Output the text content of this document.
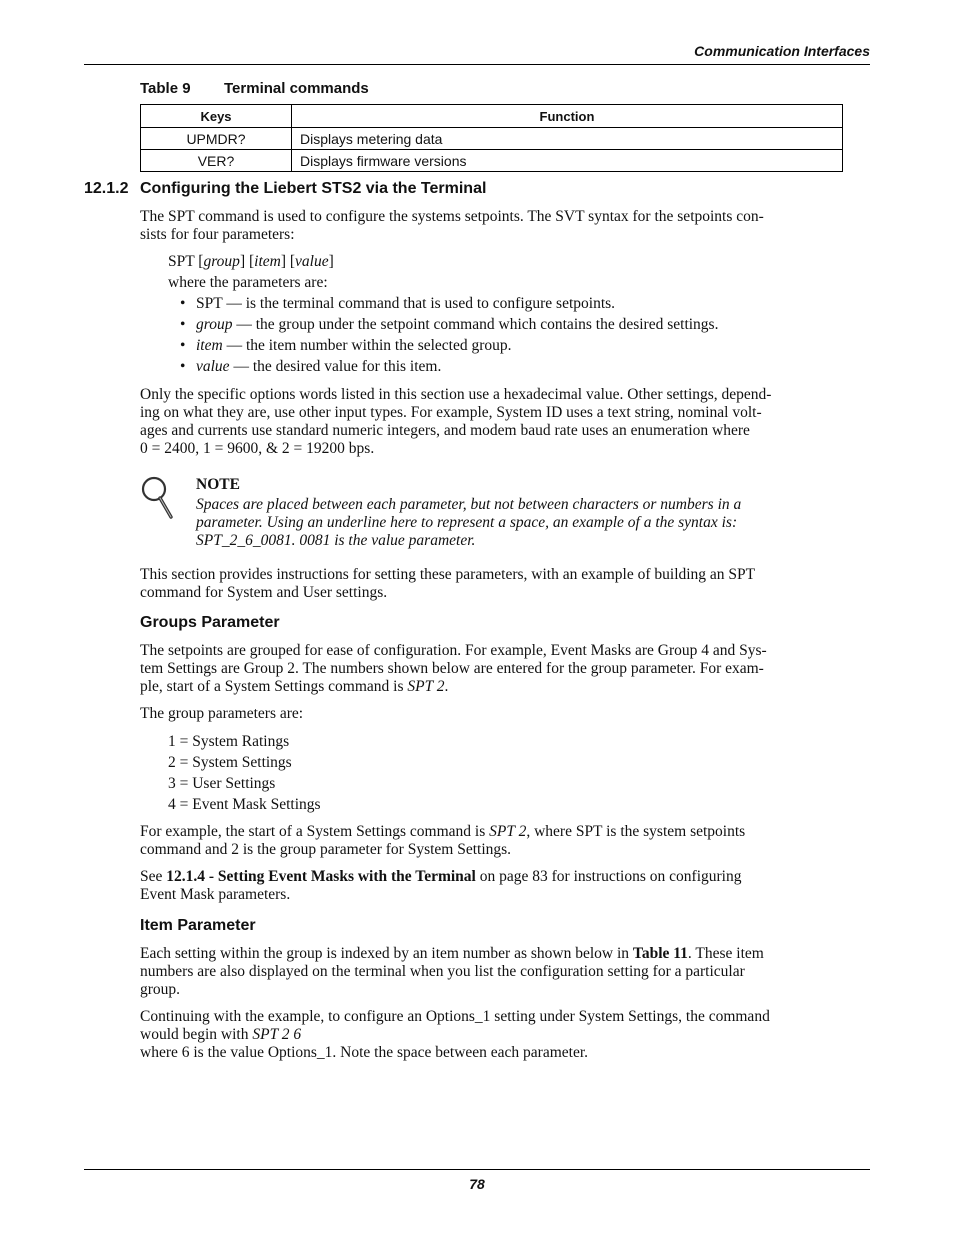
Communication Interfaces
Table 9 Terminal commands
Keys	Function
UPMDR?	Displays metering data
VER?	Displays firmware versions
12.1.2 Configuring the Liebert STS2 via the Terminal
The SPT command is used to configure the systems setpoints. The SVT syntax for the setpoints con-
sists for four parameters:
SPT [group] [item] [value]
where the parameters are:
• SPT — is the terminal command that is used to configure setpoints.
• group — the group under the setpoint command which contains the desired settings.
• item — the item number within the selected group.
• value — the desired value for this item.
Only the specific options words listed in this section use a hexadecimal value. Other settings, depend-
ing on what they are, use other input types. For example, System ID uses a text string, nominal volt-
ages and currents use standard numeric integers, and modem baud rate uses an enumeration where
0 = 2400, 1 = 9600, & 2 = 19200 bps.
NOTE
Spaces are placed between each parameter, but not between characters or numbers in a
parameter. Using an underline here to represent a space, an example of a the syntax is:
SPT_2_6_0081. 0081 is the value parameter.
This section provides instructions for setting these parameters, with an example of building an SPT
command for System and User settings.
Groups Parameter
The setpoints are grouped for ease of configuration. For example, Event Masks are Group 4 and Sys-
tem Settings are Group 2. The numbers shown below are entered for the group parameter. For exam-
ple, start of a System Settings command is SPT 2.
The group parameters are:
1 = System Ratings
2 = System Settings
3 = User Settings
4 = Event Mask Settings
For example, the start of a System Settings command is SPT 2, where SPT is the system setpoints
command and 2 is the group parameter for System Settings.
See 12.1.4 - Setting Event Masks with the Terminal on page 83 for instructions on configuring
Event Mask parameters.
Item Parameter
Each setting within the group is indexed by an item number as shown below in Table 11. These item
numbers are also displayed on the terminal when you list the configuration setting for a particular
group.
Continuing with the example, to configure an Options_1 setting under System Settings, the command
would begin with SPT 2 6
where 6 is the value Options_1. Note the space between each parameter.
78
